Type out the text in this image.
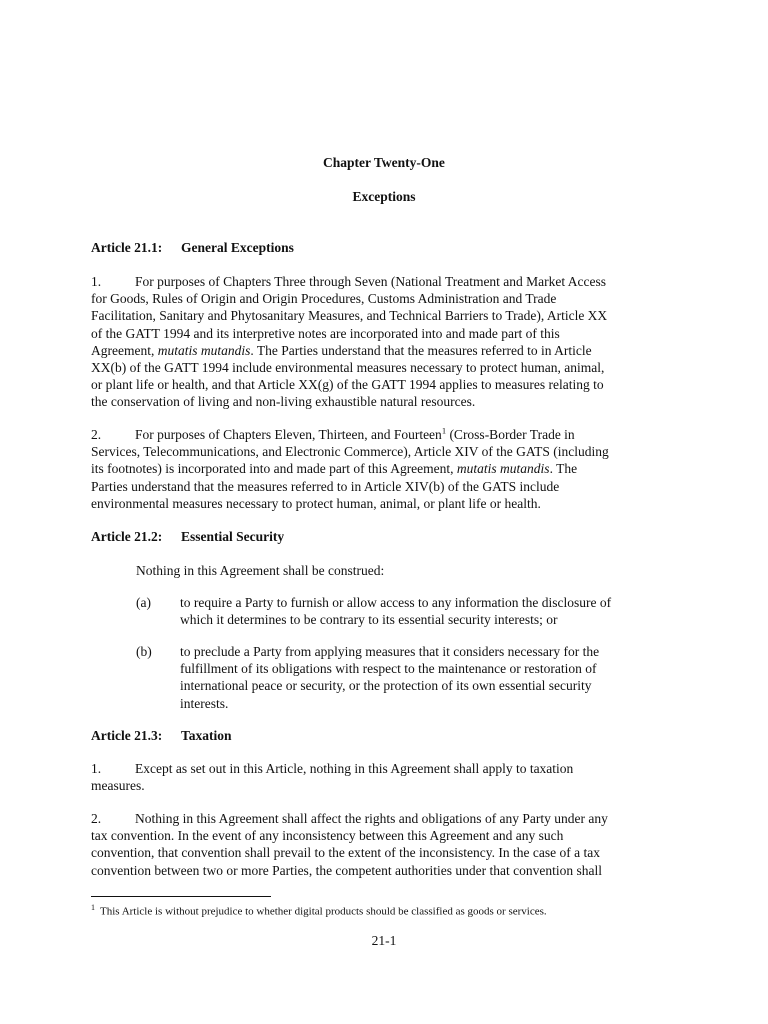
Chapter Twenty-One
Exceptions
Article 21.1: General Exceptions
1.	For purposes of Chapters Three through Seven (National Treatment and Market Access
for Goods, Rules of Origin and Origin Procedures, Customs Administration and Trade
Facilitation, Sanitary and Phytosanitary Measures, and Technical Barriers to Trade), Article XX
of the GATT 1994 and its interpretive notes are incorporated into and made part of this
Agreement, mutatis mutandis. The Parties understand that the measures referred to in Article
XX(b) of the GATT 1994 include environmental measures necessary to protect human, animal,
or plant life or health, and that Article XX(g) of the GATT 1994 applies to measures relating to
the conservation of living and non-living exhaustible natural resources.
2.	For purposes of Chapters Eleven, Thirteen, and Fourteen$^1$ (Cross-Border Trade in
Services, Telecommunications, and Electronic Commerce), Article XIV of the GATS (including
its footnotes) is incorporated into and made part of this Agreement, mutatis mutandis. The
Parties understand that the measures referred to in Article XIV(b) of the GATS include
environmental measures necessary to protect human, animal, or plant life or health.
Article 21.2: Essential Security
Nothing in this Agreement shall be construed:
(a) to require a Party to furnish or allow access to any information the disclosure of
which it determines to be contrary to its essential security interests; or
(b) to preclude a Party from applying measures that it considers necessary for the
fulfillment of its obligations with respect to the maintenance or restoration of
international peace or security, or the protection of its own essential security
interests.
Article 21.3: Taxation
1.	Except as set out in this Article, nothing in this Agreement shall apply to taxation
measures.
2.	Nothing in this Agreement shall affect the rights and obligations of any Party under any
tax convention. In the event of any inconsistency between this Agreement and any such
convention, that convention shall prevail to the extent of the inconsistency. In the case of a tax
convention between two or more Parties, the competent authorities under that convention shall
$^1$ This Article is without prejudice to whether digital products should be classified as goods or services.
21-1
